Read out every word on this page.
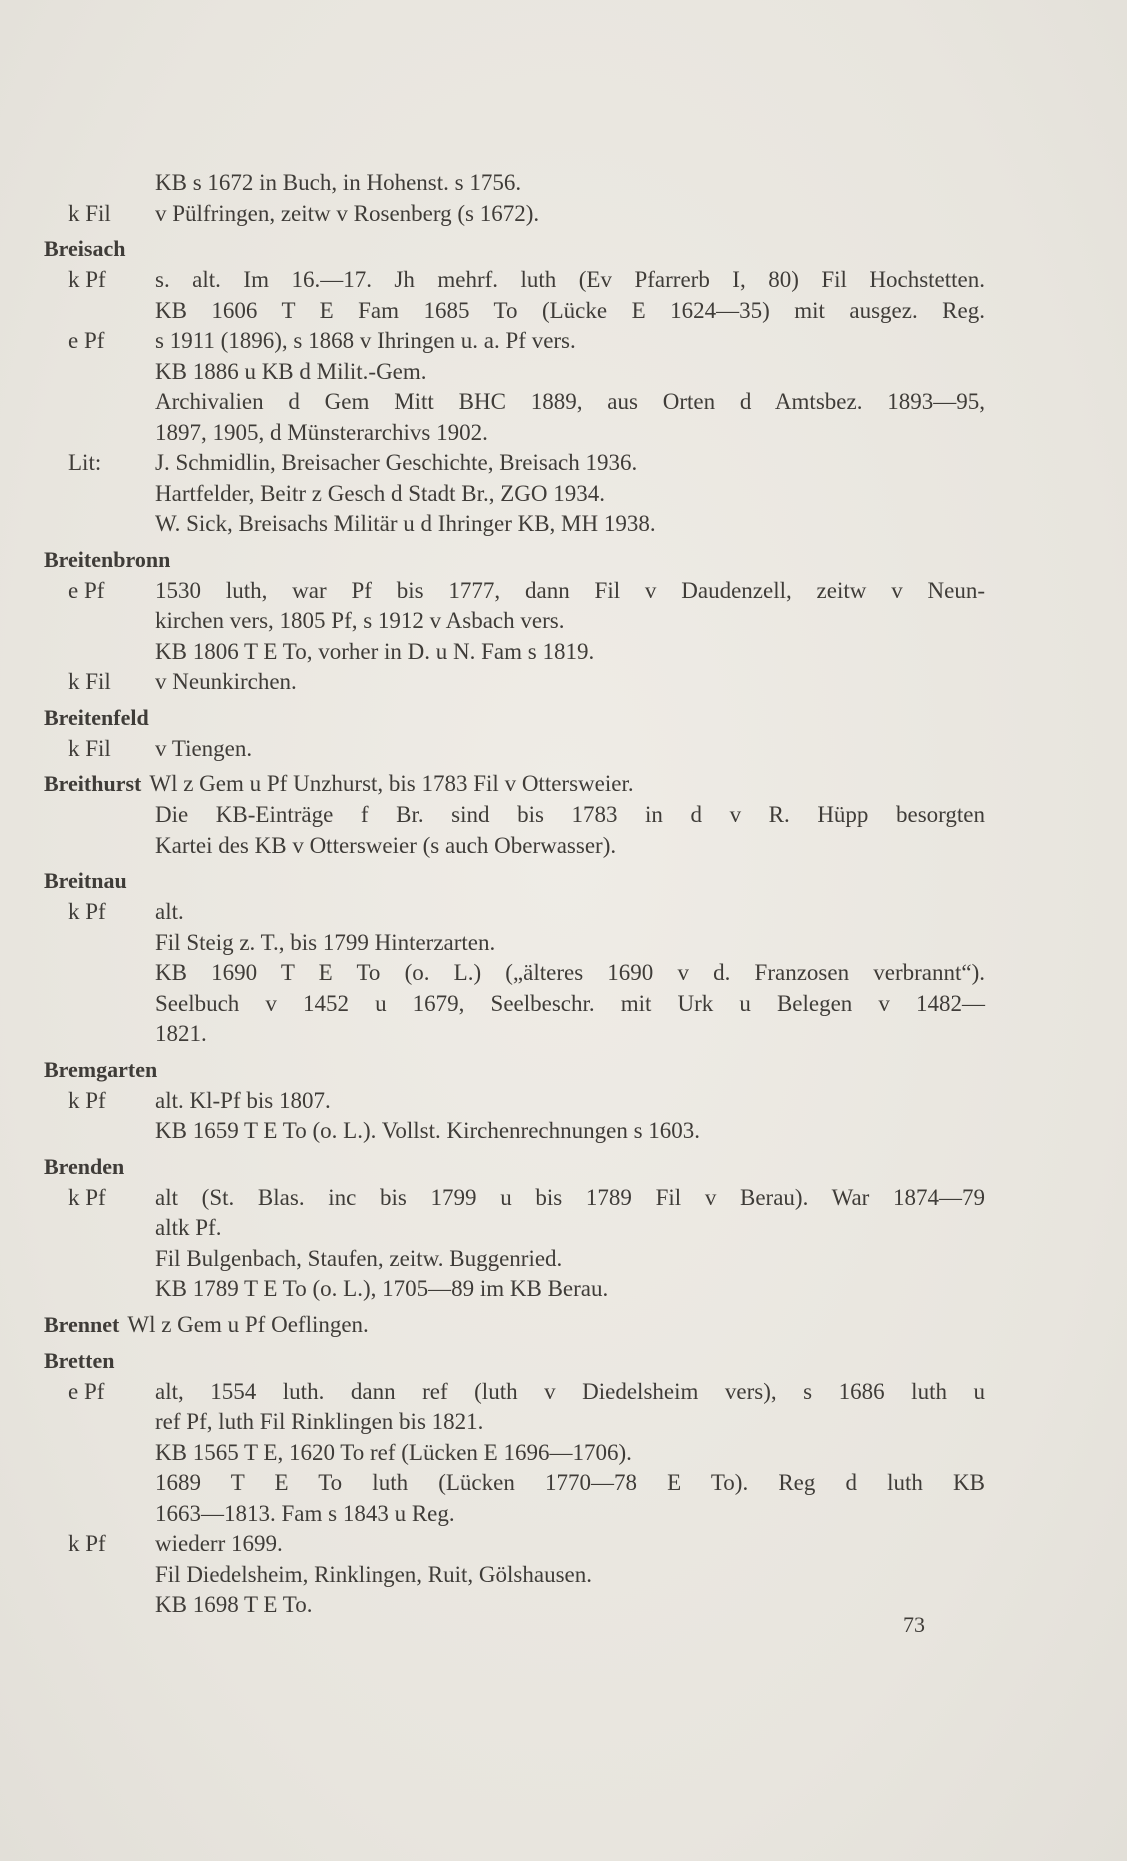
KB s 1672 in Buch, in Hohenst. s 1756.
k Fil	v Pülfringen, zeitw v Rosenberg (s 1672).
Breisach
k Pf	s. alt. Im 16.—17. Jh mehrf. luth (Ev Pfarrerb I, 80) Fil Hochstetten.
KB 1606 T E Fam 1685 To (Lücke E 1624—35) mit ausgez. Reg.
e Pf	s 1911 (1896), s 1868 v Ihringen u. a. Pf vers.
KB 1886 u KB d Milit.-Gem.
Archivalien d Gem Mitt BHC 1889, aus Orten d Amtsbez. 1893—95,
1897, 1905, d Münsterarchivs 1902.
Lit:	J. Schmidlin, Breisacher Geschichte, Breisach 1936.
Hartfelder, Beitr z Gesch d Stadt Br., ZGO 1934.
W. Sick, Breisachs Militär u d Ihringer KB, MH 1938.
Breitenbronn
e Pf	1530 luth, war Pf bis 1777, dann Fil v Daudenzell, zeitw v Neun-
kirchen vers, 1805 Pf, s 1912 v Asbach vers.
KB 1806 T E To, vorher in D. u N. Fam s 1819.
k Fil	v Neunkirchen.
Breitenfeld
k Fil	v Tiengen.
Breithurst Wl z Gem u Pf Unzhurst, bis 1783 Fil v Ottersweier.
Die KB-Einträge f Br. sind bis 1783 in d v R. Hüpp besorgten
Kartei des KB v Ottersweier (s auch Oberwasser).
Breitnau
k Pf	alt.
Fil Steig z. T., bis 1799 Hinterzarten.
KB 1690 T E To (o. L.) („älteres 1690 v d. Franzosen verbrannt“).
Seelbuch v 1452 u 1679, Seelbeschr. mit Urk u Belegen v 1482—
1821.
Bremgarten
k Pf	alt. Kl-Pf bis 1807.
KB 1659 T E To (o. L.). Vollst. Kirchenrechnungen s 1603.
Brenden
k Pf	alt (St. Blas. inc bis 1799 u bis 1789 Fil v Berau). War 1874—79
altk Pf.
Fil Bulgenbach, Staufen, zeitw. Buggenried.
KB 1789 T E To (o. L.), 1705—89 im KB Berau.
Brennet Wl z Gem u Pf Oeflingen.
Bretten
e Pf	alt, 1554 luth. dann ref (luth v Diedelsheim vers), s 1686 luth u
ref Pf, luth Fil Rinklingen bis 1821.
KB 1565 T E, 1620 To ref (Lücken E 1696—1706).
1689 T E To luth (Lücken 1770—78 E To). Reg d luth KB
1663—1813. Fam s 1843 u Reg.
k Pf	wiederr 1699.
Fil Diedelsheim, Rinklingen, Ruit, Gölshausen.
KB 1698 T E To.
73
